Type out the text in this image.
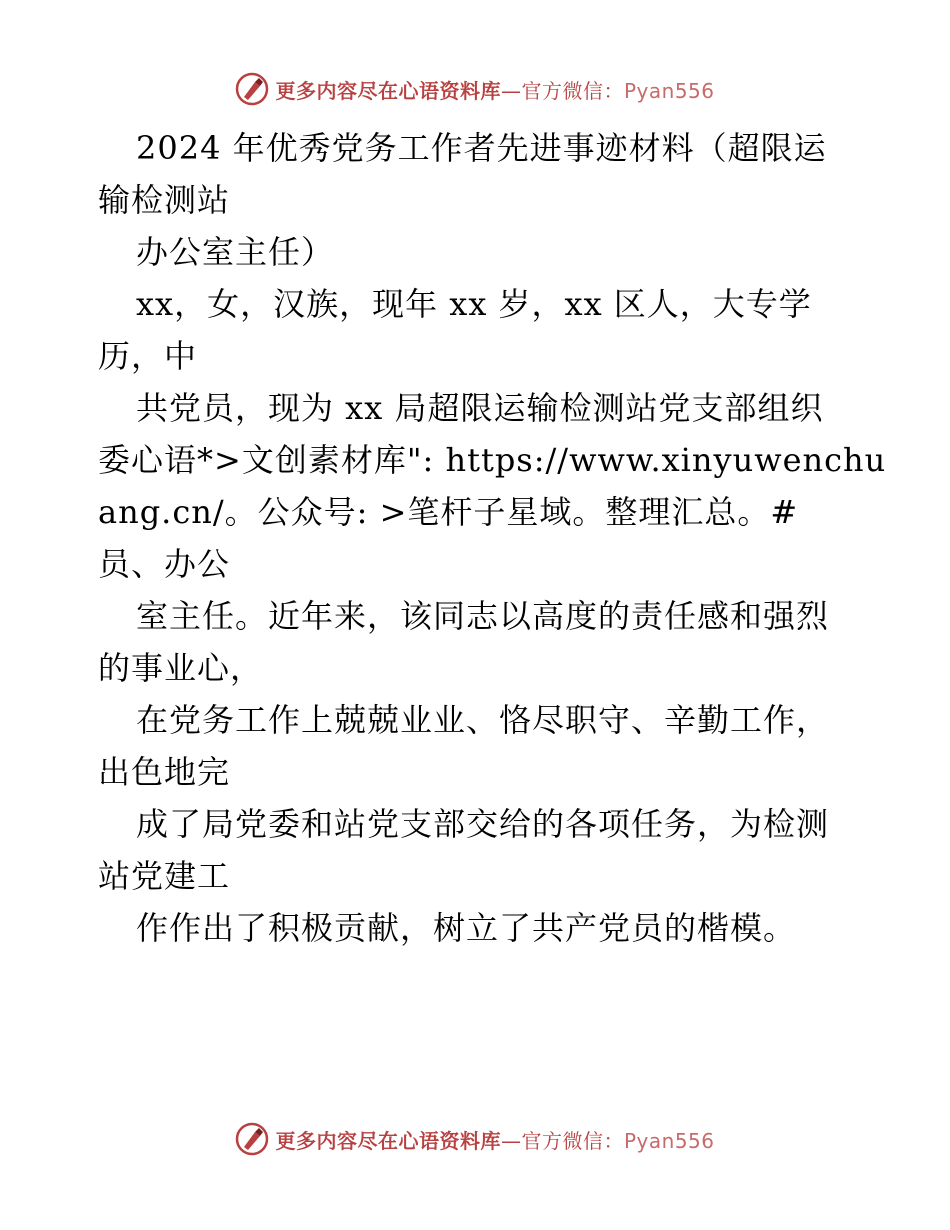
更多内容尽在心语资料库—官方微信：Pyan556

2024 年优秀党务工作者先进事迹材料（超限运

输检测站

办公室主任）

xx，女，汉族，现年 xx 岁，xx 区人，大专学

历，中

共党员，现为 xx 局超限运输检测站党支部组织

委心语*>文创素材库": https://www.xinyuwenchu

ang.cn/。公众号: >笔杆子星域。整理汇总。#

员、办公

室主任。近年来，该同志以高度的责任感和强烈

的事业心，

在党务工作上兢兢业业、恪尽职守、辛勤工作，

出色地完

成了局党委和站党支部交给的各项任务，为检测

站党建工

作作出了积极贡献，树立了共产党员的楷模。

更多内容尽在心语资料库—官方微信：Pyan556
